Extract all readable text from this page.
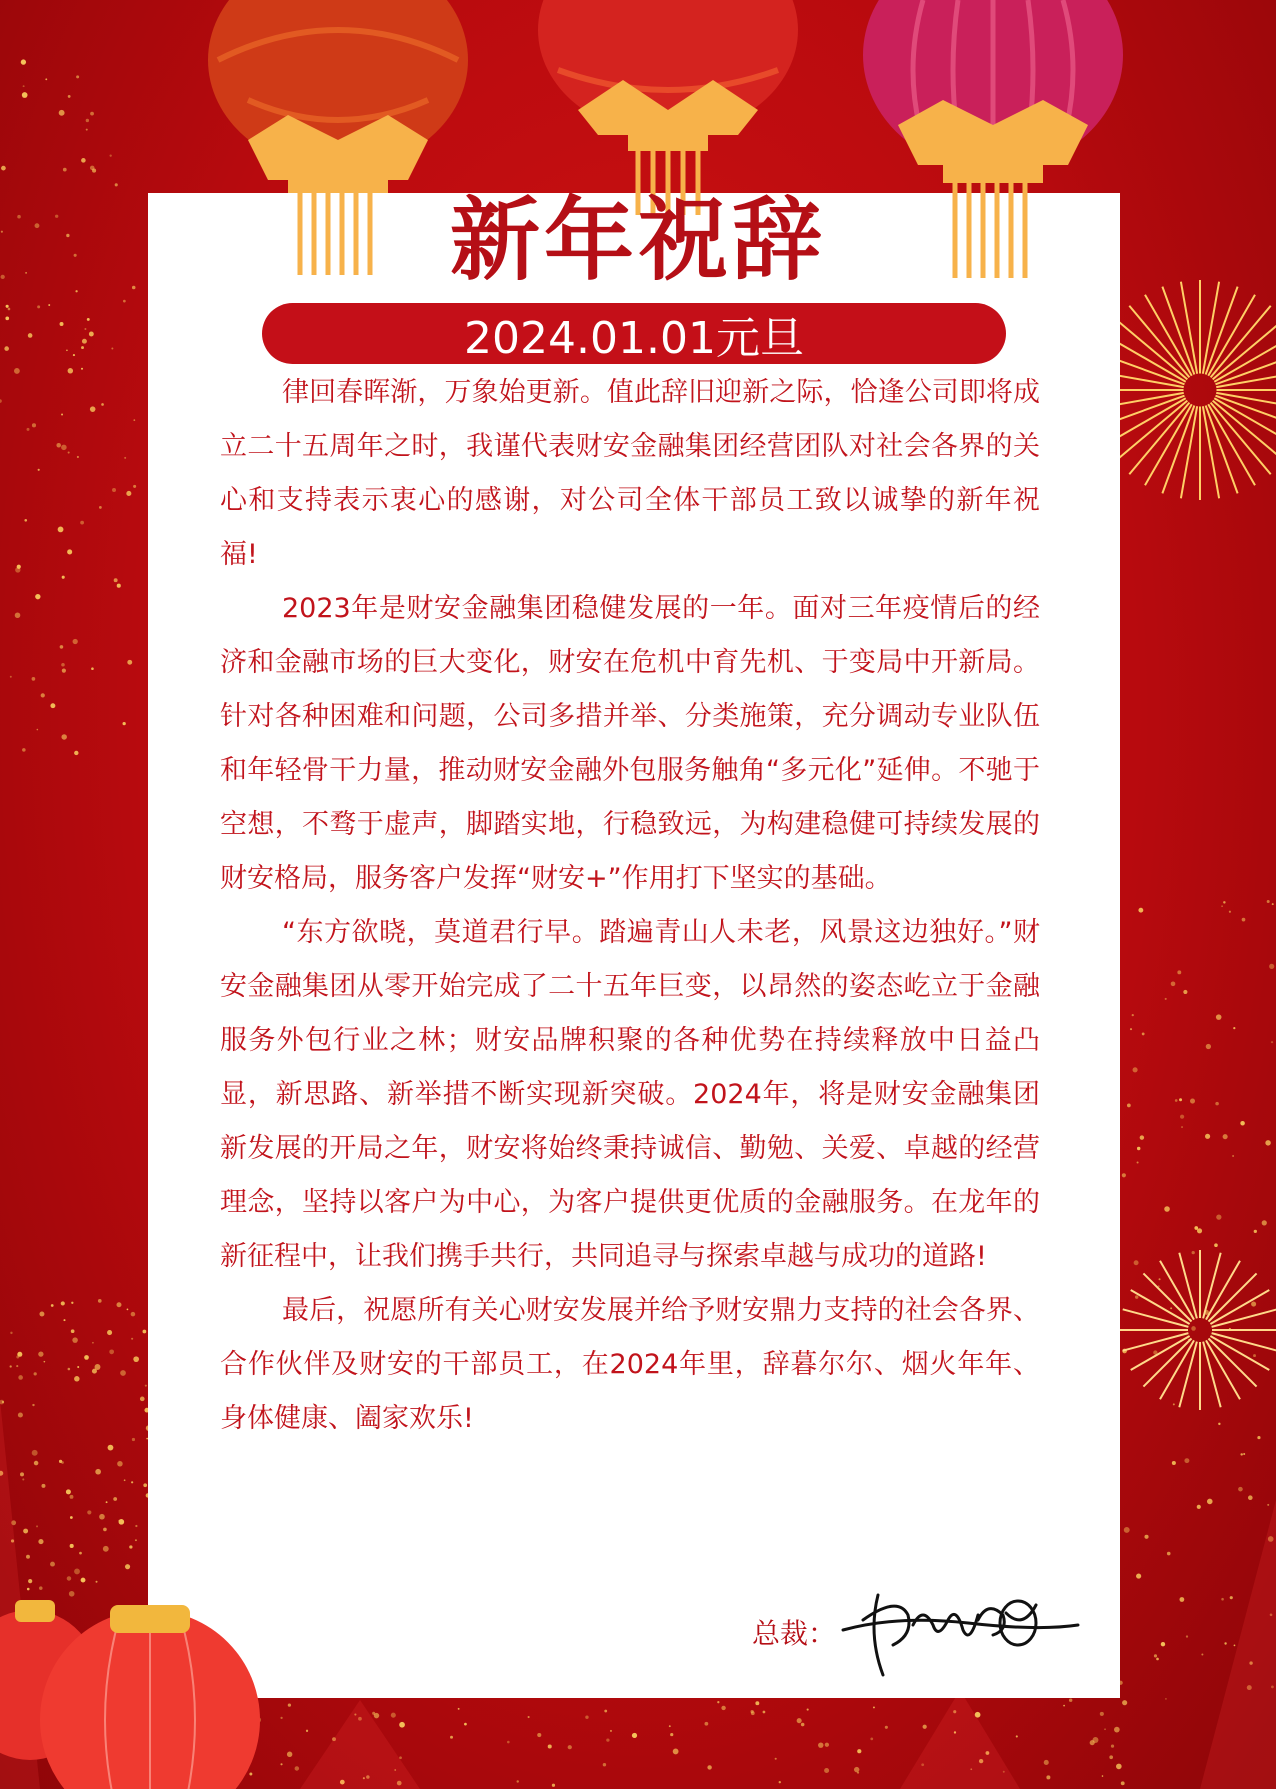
新年祝辞
2024.01.01元旦

律回春晖渐，万象始更新。值此辞旧迎新之际，恰逢公司即将成立二十五周年之时，我谨代表财安金融集团经营团队对社会各界的关心和支持表示衷心的感谢，对公司全体干部员工致以诚挚的新年祝福!

2023年是财安金融集团稳健发展的一年。面对三年疫情后的经济和金融市场的巨大变化，财安在危机中育先机、于变局中开新局。针对各种困难和问题，公司多措并举、分类施策，充分调动专业队伍和年轻骨干力量，推动财安金融外包服务触角“多元化”延伸。不驰于空想，不骛于虚声，脚踏实地，行稳致远，为构建稳健可持续发展的财安格局，服务客户发挥“财安+”作用打下坚实的基础。

“东方欲晓，莫道君行早。踏遍青山人未老，风景这边独好。”财安金融集团从零开始完成了二十五年巨变，以昂然的姿态屹立于金融服务外包行业之林；财安品牌积聚的各种优势在持续释放中日益凸显，新思路、新举措不断实现新突破。2024年，将是财安金融集团新发展的开局之年，财安将始终秉持诚信、勤勉、关爱、卓越的经营理念，坚持以客户为中心，为客户提供更优质的金融服务。在龙年的新征程中，让我们携手共行，共同追寻与探索卓越与成功的道路!

最后，祝愿所有关心财安发展并给予财安鼎力支持的社会各界、合作伙伴及财安的干部员工，在2024年里，辞暮尔尔、烟火年年、身体健康、阖家欢乐!

总裁：
